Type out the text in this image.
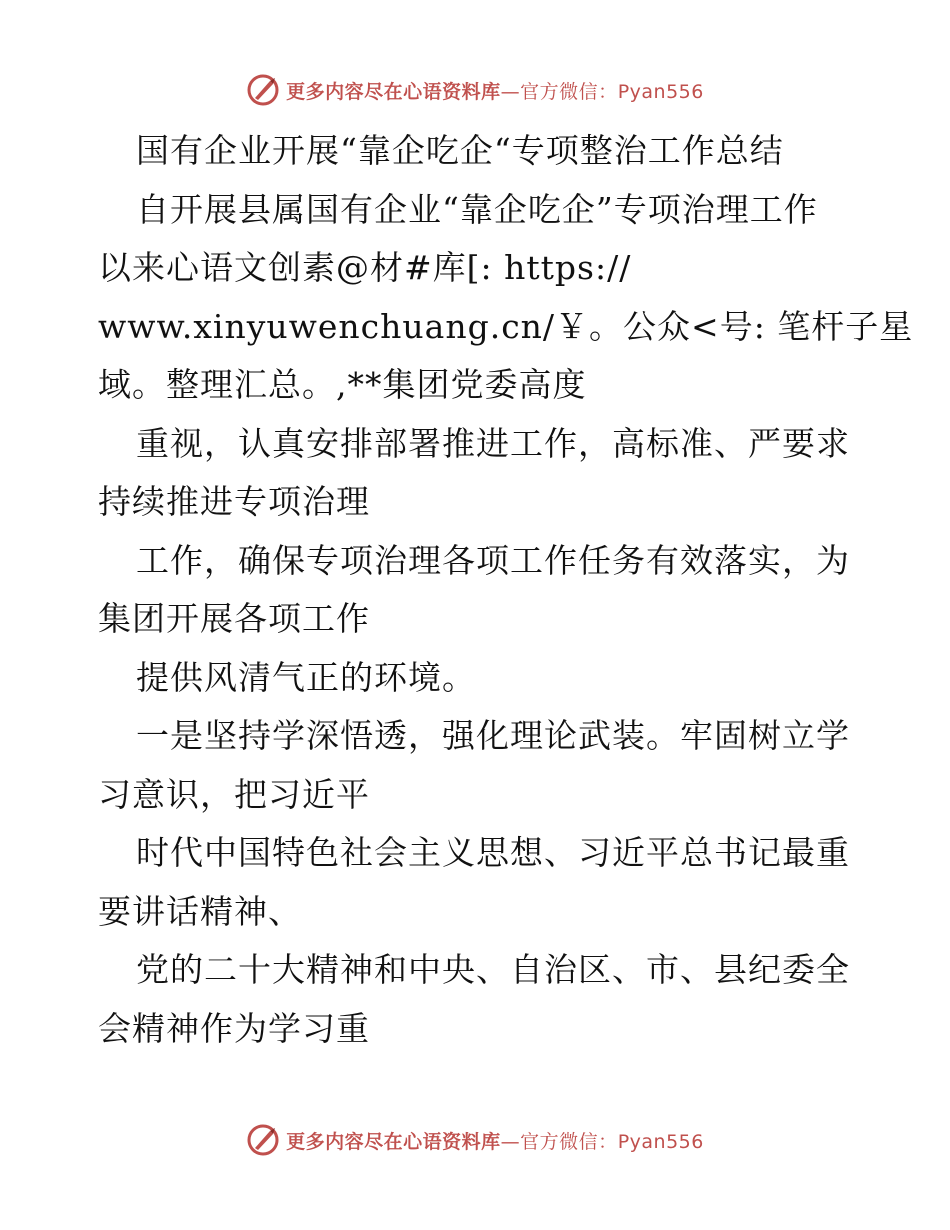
更多内容尽在心语资料库—官方微信：Pyan556
国有企业开展“靠企吃企“专项整治工作总结
自开展县属国有企业“靠企吃企”专项治理工作
以来心语文创素@材#库[: https://
www.xinyuwenchuang.cn/￥。公众<号: 笔杆子星
域。整理汇总。,**集团党委高度
重视，认真安排部署推进工作，高标准、严要求
持续推进专项治理
工作，确保专项治理各项工作任务有效落实，为
集团开展各项工作
提供风清气正的环境。
一是坚持学深悟透，强化理论武装。牢固树立学
习意识，把习近平
时代中国特色社会主义思想、习近平总书记最重
要讲话精神、
党的二十大精神和中央、自治区、市、县纪委全
会精神作为学习重
更多内容尽在心语资料库—官方微信：Pyan556
